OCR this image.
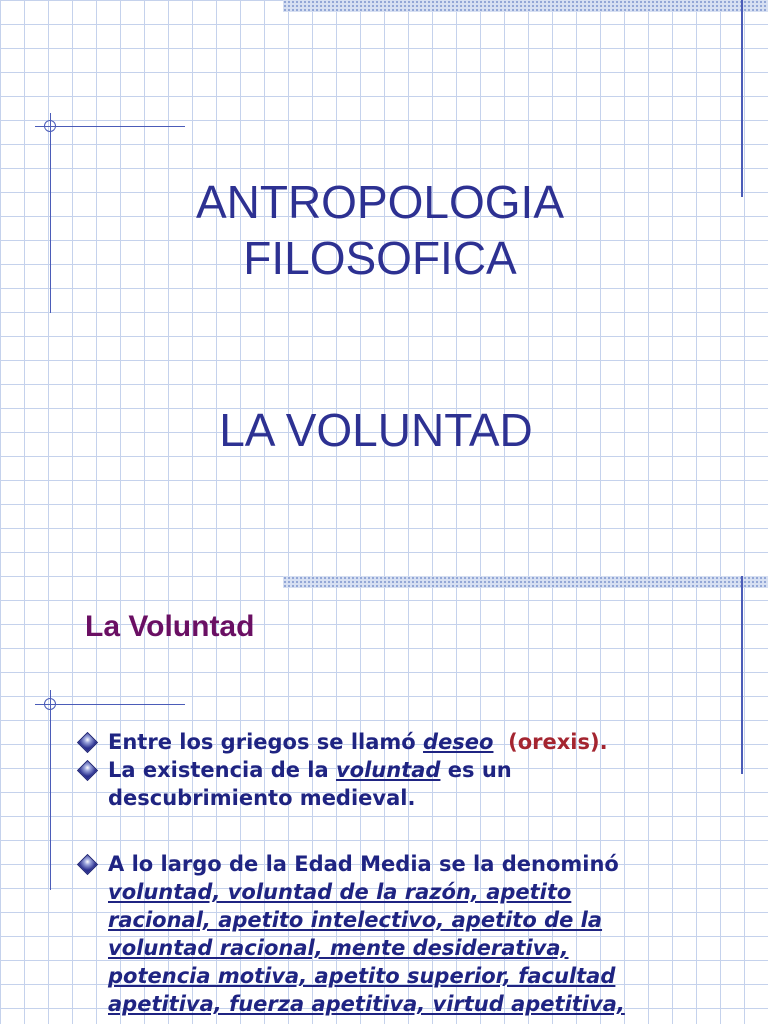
ANTROPOLOGIA
FILOSOFICA
LA VOLUNTAD
La Voluntad
Entre los griegos se llamó deseo (orexis).
La existencia de la voluntad es un descubrimiento medieval.
A lo largo de la Edad Media se la denominó voluntad, voluntad de la razón, apetito racional, apetito intelectivo, apetito de la voluntad racional, mente desiderativa, potencia motiva, apetito superior, facultad apetitiva, fuerza apetitiva, virtud apetitiva,
